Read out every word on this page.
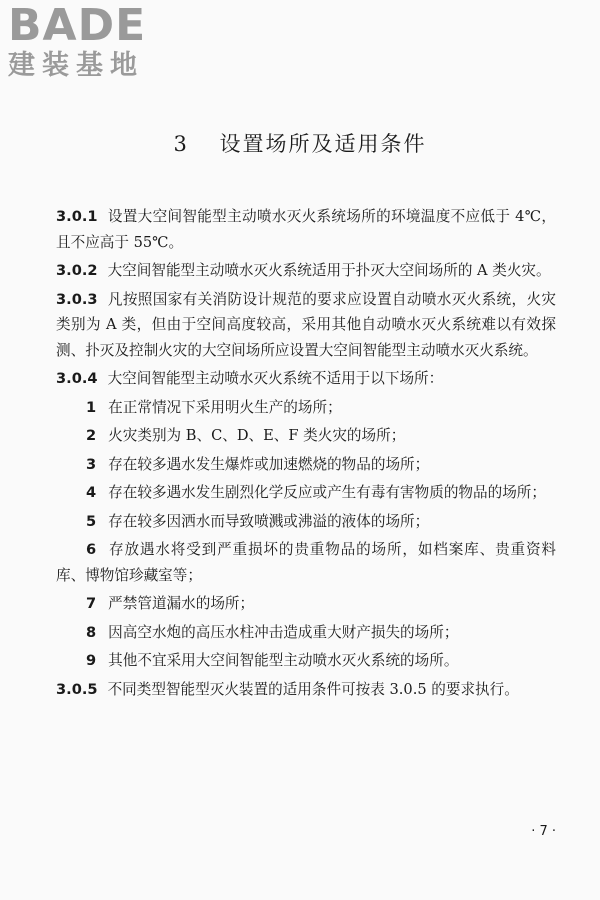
BADE
建装基地
3 设置场所及适用条件

3.0.1 设置大空间智能型主动喷水灭火系统场所的环境温度不应低于 4℃，且不应高于 55℃。

3.0.2 大空间智能型主动喷水灭火系统适用于扑灭大空间场所的 A 类火灾。

3.0.3 凡按照国家有关消防设计规范的要求应设置自动喷水灭火系统，火灾类别为 A 类，但由于空间高度较高，采用其他自动喷水灭火系统难以有效探测、扑灭及控制火灾的大空间场所应设置大空间智能型主动喷水灭火系统。

3.0.4 大空间智能型主动喷水灭火系统不适用于以下场所：

1 在正常情况下采用明火生产的场所；

2 火灾类别为 B、C、D、E、F 类火灾的场所；

3 存在较多遇水发生爆炸或加速燃烧的物品的场所；

4 存在较多遇水发生剧烈化学反应或产生有毒有害物质的物品的场所；

5 存在较多因洒水而导致喷溅或沸溢的液体的场所；

6 存放遇水将受到严重损坏的贵重物品的场所，如档案库、贵重资料库、博物馆珍藏室等；

7 严禁管道漏水的场所；

8 因高空水炮的高压水柱冲击造成重大财产损失的场所；

9 其他不宜采用大空间智能型主动喷水灭火系统的场所。

3.0.5 不同类型智能型灭火装置的适用条件可按表 3.0.5 的要求执行。

· 7 ·
